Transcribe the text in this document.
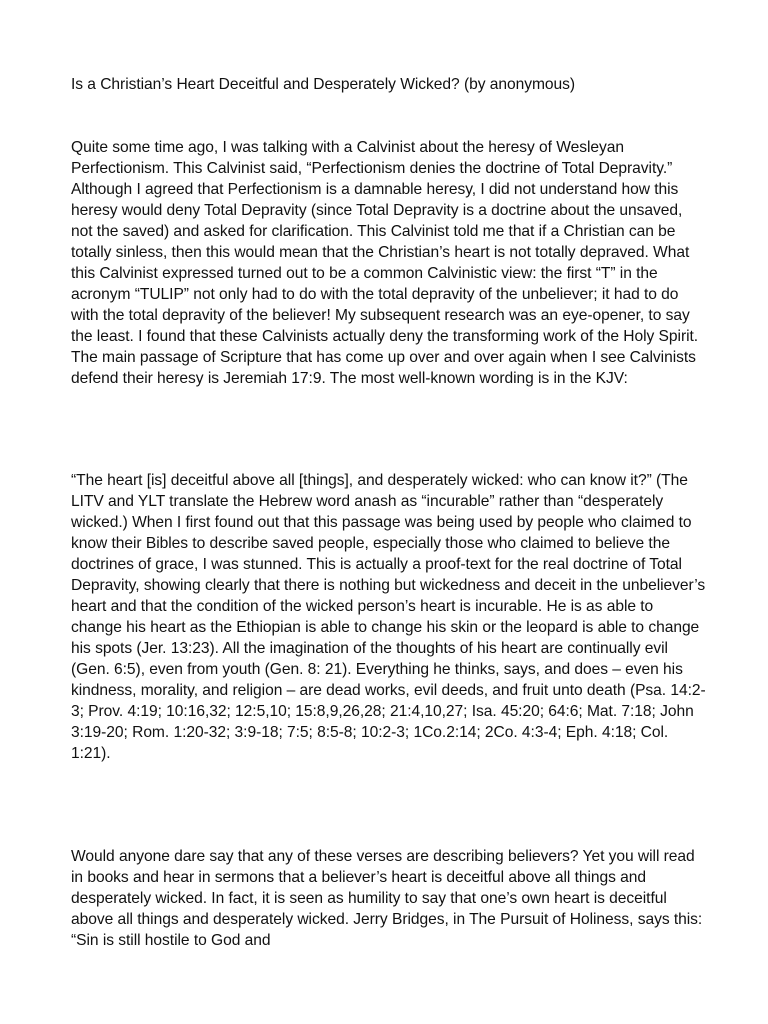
Is a Christian’s Heart Deceitful and Desperately Wicked? (by anonymous)

Quite some time ago, I was talking with a Calvinist about the heresy of Wesleyan Perfectionism. This Calvinist said, “Perfectionism denies the doctrine of Total Depravity.” Although I agreed that Perfectionism is a damnable heresy, I did not understand how this heresy would deny Total Depravity (since Total Depravity is a doctrine about the unsaved, not the saved) and asked for clarification. This Calvinist told me that if a Christian can be totally sinless, then this would mean that the Christian’s heart is not totally depraved. What this Calvinist expressed turned out to be a common Calvinistic view: the first “T” in the acronym “TULIP” not only had to do with the total depravity of the unbeliever; it had to do with the total depravity of the believer! My subsequent research was an eye-opener, to say the least. I found that these Calvinists actually deny the transforming work of the Holy Spirit. The main passage of Scripture that has come up over and over again when I see Calvinists defend their heresy is Jeremiah 17:9. The most well-known wording is in the KJV:

“The heart [is] deceitful above all [things], and desperately wicked: who can know it?” (The LITV and YLT translate the Hebrew word anash as “incurable” rather than “desperately wicked.) When I first found out that this passage was being used by people who claimed to know their Bibles to describe saved people, especially those who claimed to believe the doctrines of grace, I was stunned. This is actually a proof-text for the real doctrine of Total Depravity, showing clearly that there is nothing but wickedness and deceit in the unbeliever’s heart and that the condition of the wicked person’s heart is incurable. He is as able to change his heart as the Ethiopian is able to change his skin or the leopard is able to change his spots (Jer. 13:23). All the imagination of the thoughts of his heart are continually evil (Gen. 6:5), even from youth (Gen. 8: 21). Everything he thinks, says, and does – even his kindness, morality, and religion – are dead works, evil deeds, and fruit unto death (Psa. 14:2-3; Prov. 4:19; 10:16,32; 12:5,10; 15:8,9,26,28; 21:4,10,27; Isa. 45:20; 64:6; Mat. 7:18; John 3:19-20; Rom. 1:20-32; 3:9-18; 7:5; 8:5-8; 10:2-3; 1Co.2:14; 2Co. 4:3-4; Eph. 4:18; Col. 1:21).

Would anyone dare say that any of these verses are describing believers? Yet you will read in books and hear in sermons that a believer’s heart is deceitful above all things and desperately wicked. In fact, it is seen as humility to say that one’s own heart is deceitful above all things and desperately wicked. Jerry Bridges, in The Pursuit of Holiness, says this: “Sin is still hostile to God and
